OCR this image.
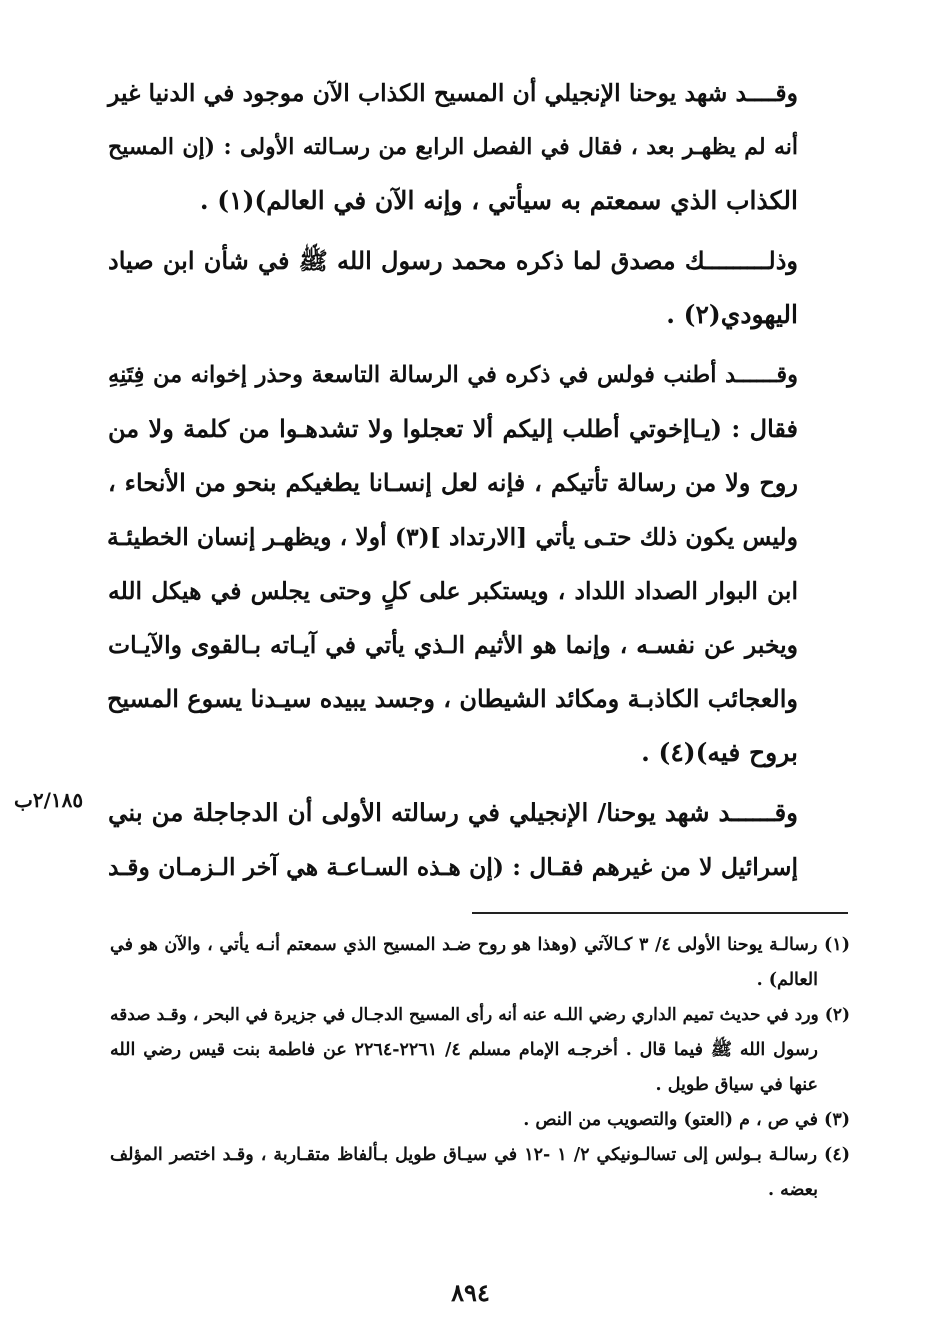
وقــــد شهد يوحنا الإنجيلي أن المسيح الكذاب الآن موجود في الدنيا غير
أنه لم يظهـر بعد ، فقال في الفصل الرابع من رسـالته الأولى : (إن المسيح
الكذاب الذي سمعتم به سيأتي ، وإنه الآن في العالم)(١) .
وذلـــــــــك مصدق لما ذكره محمد رسول الله ﷺ في شأن ابن صياد
اليهودي(٢) .
وقــــــد أطنب فولس في ذكره في الرسالة التاسعة وحذر إخوانه من فِتَنِهِ
فقال : (يـاإخوتي أطلب إليكم ألا تعجلوا ولا تشدهـوا من كلمة ولا من
روح ولا من رسالة تأتيكم ، فإنه لعل إنسـانا يطغيكم بنحو من الأنحاء ،
وليس يكون ذلك حتـى يأتي [الارتداد ](٣) أولا ، ويظهـر إنسان الخطيئـة
ابن البوار الصداد اللداد ، ويستكبر على كلٍ وحتى يجلس في هيكل الله
ويخبر عن نفسـه ، وإنما هو الأثيم الـذي يأتي في آيـاته بـالقوى والآيـات
والعجائب الكاذبـة ومكائد الشيطان ، وجسد يبيده سيـدنا يسوع المسيح
بروح فيه)(٤) .
وقــــــد شهد يوحنا/ الإنجيلي في رسالته الأولى أن الدجاجلة من بني
إسرائيل لا من غيرهم فقـال : (إن هـذه السـاعـة هي آخر الـزمـان وقـد
٢/١٨٥ب
(١) رسالـة يوحنا الأولى ٤/ ٣ كـالآتي (وهذا هو روح ضـد المسيح الذي سمعتم أنـه يأتي ، والآن هو في
العالم) .
(٢) ورد في حديث تميم الداري رضي اللـه عنه أنه رأى المسيح الدجـال في جزيرة في البحر ، وقـد صدقه
رسول الله ﷺ فيما قال . أخرجـه الإمام مسلم ٤/ ٢٢٦١-٢٢٦٤ عن فاطمة بنت قيس رضي الله
عنها في سياق طويل .
(٣) في ص ، م (العتو) والتصويب من النص .
(٤) رسالـة بـولس إلى تسالـونيكي ٢/ ١ -١٢ في سيـاق طويل بـألفاظ متقـاربة ، وقـد اختصر المؤلف
بعضه .
٨٩٤
